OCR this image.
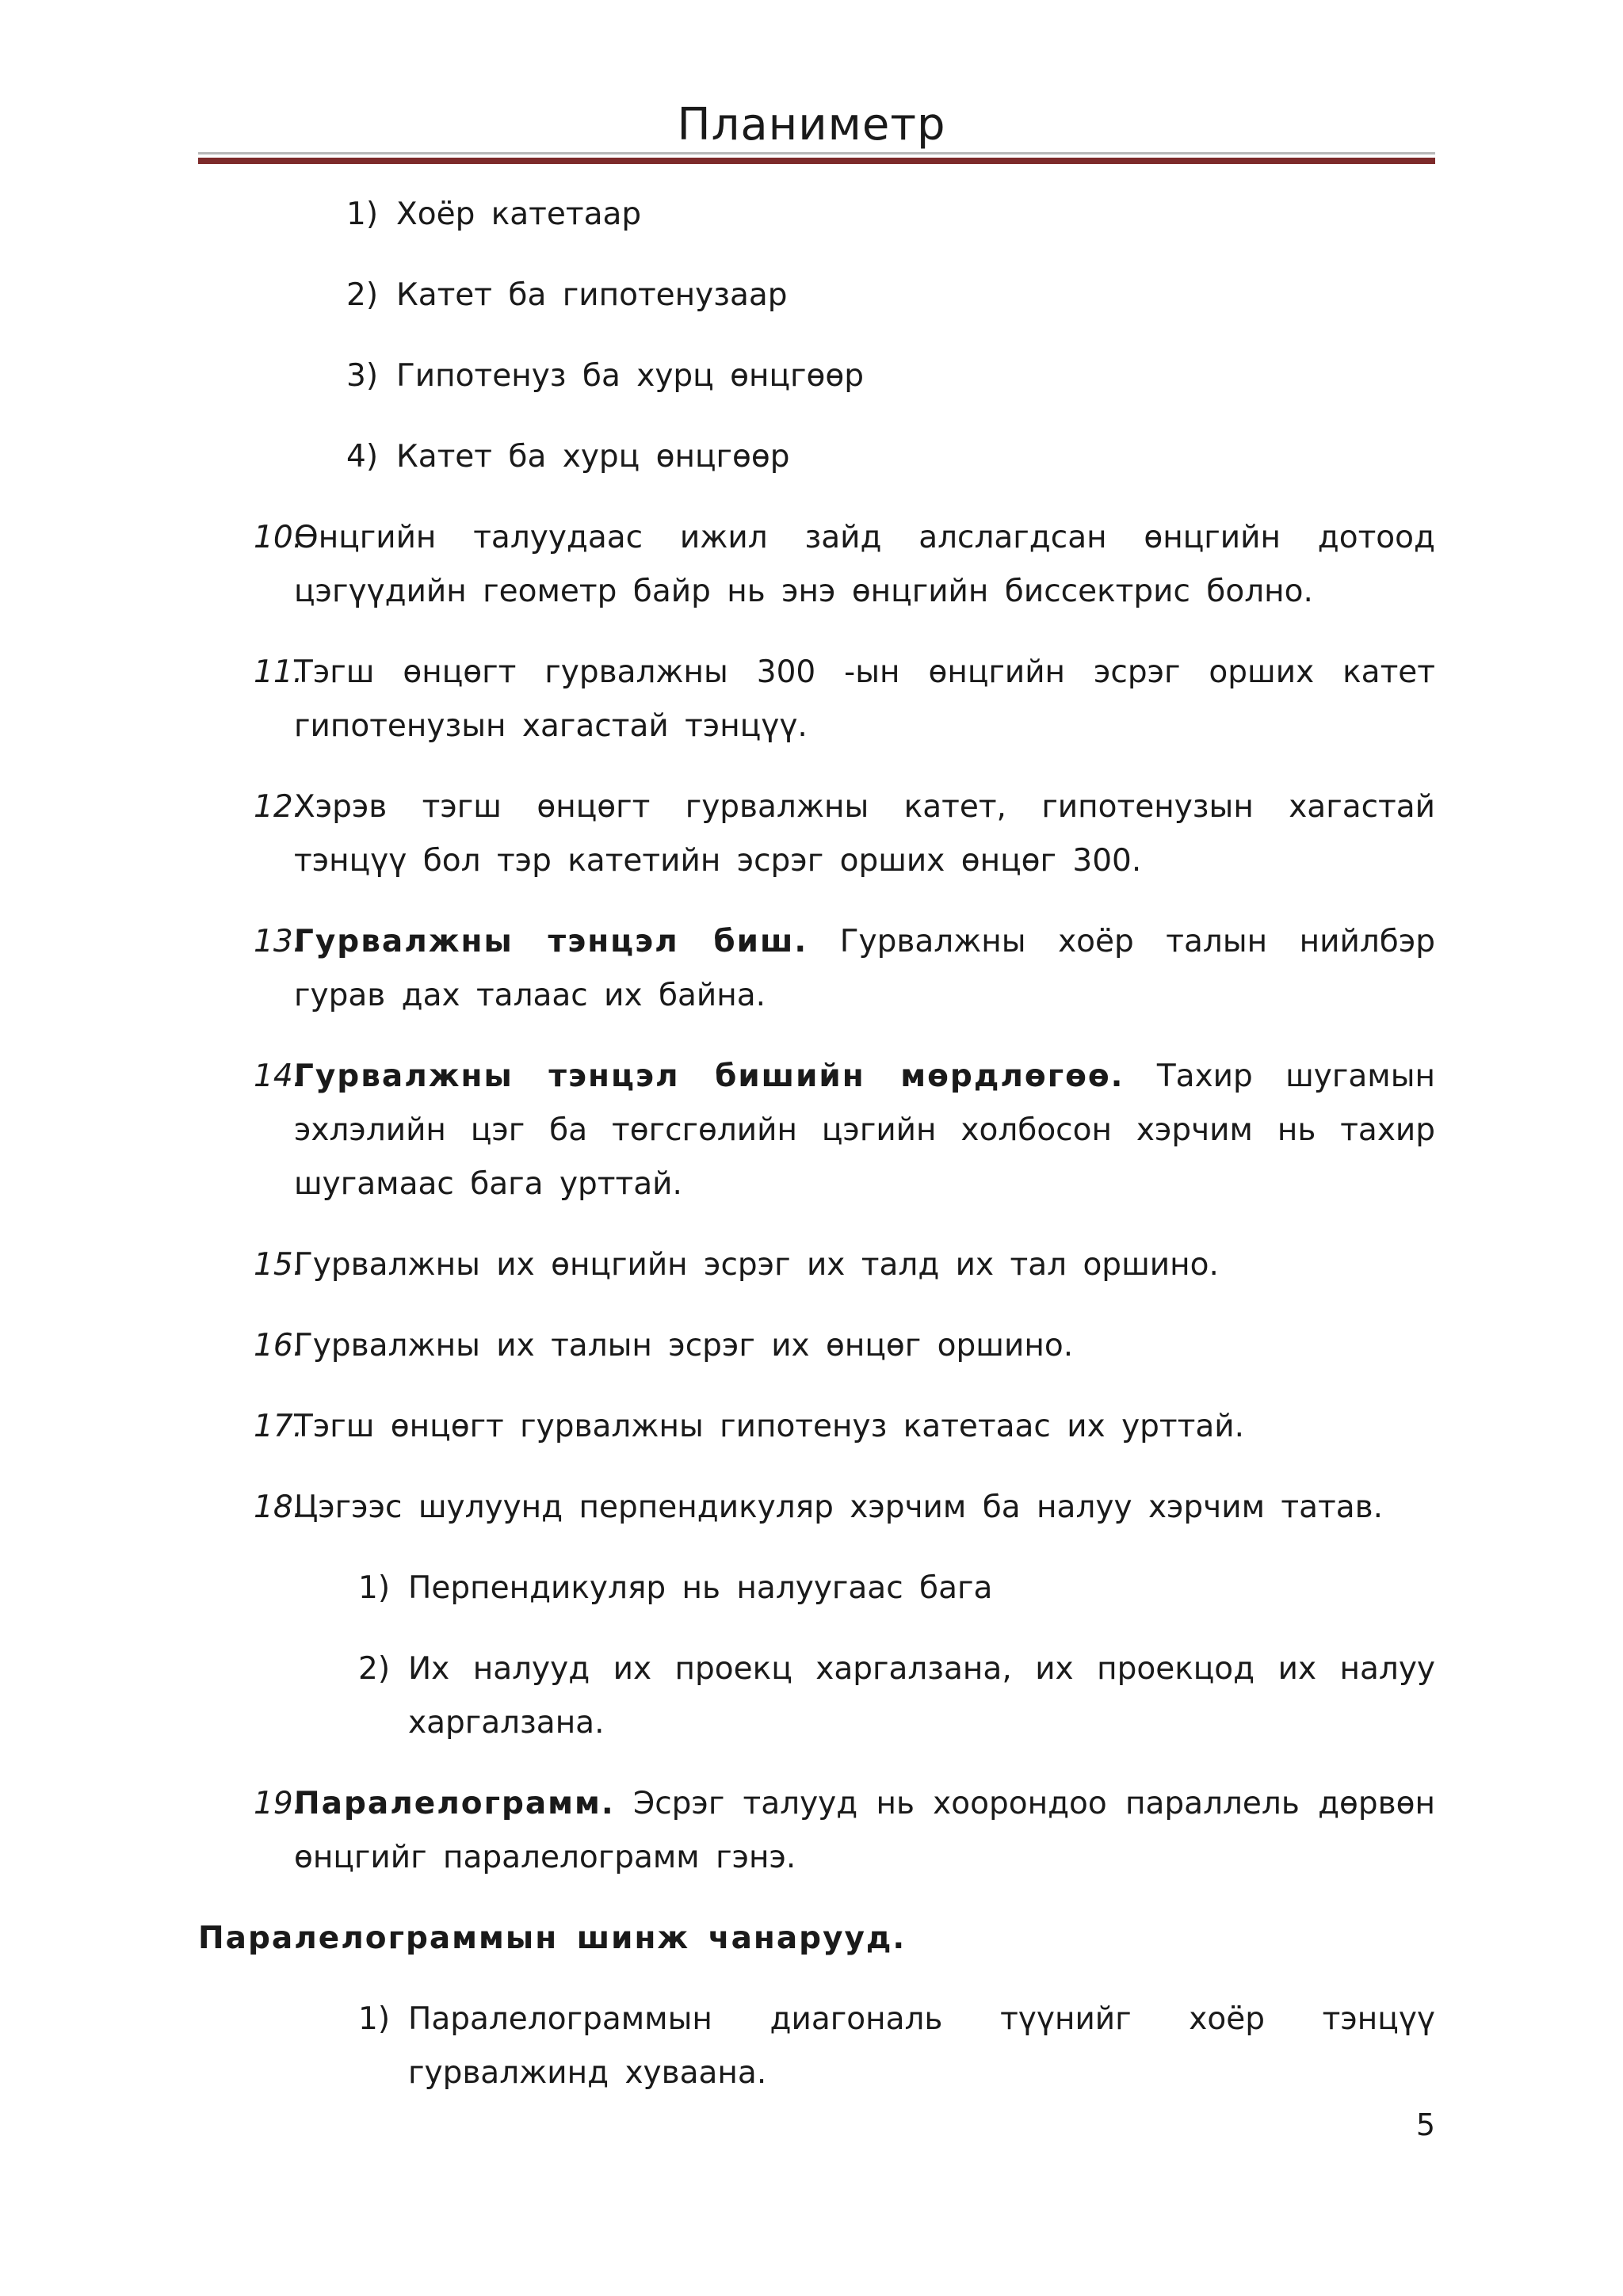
Планиметр
1) Хоёр катетаар
2) Катет ба гипотенузаар
3) Гипотенуз ба хурц өнцгөөр
4) Катет ба хурц өнцгөөр
10.
Өнцгийн талуудаас ижил зайд алслагдсан өнцгийн дотоод цэгүүдийн геометр байр нь энэ өнцгийн биссектрис болно.
11.
Тэгш өнцөгт гурвалжны 300 -ын өнцгийн эсрэг орших катет гипотенузын хагастай тэнцүү.
12.
Хэрэв тэгш өнцөгт гурвалжны катет, гипотенузын хагастай тэнцүү бол тэр катетийн эсрэг орших өнцөг 300.
13.
Гурвалжны тэнцэл биш. Гурвалжны хоёр талын нийлбэр гурав дах талаас их байна.
14.
Гурвалжны тэнцэл бишийн мөрдлөгөө. Тахир шугамын эхлэлийн цэг ба төгсгөлийн цэгийн холбосон хэрчим нь тахир шугамаас бага урттай.
15.
Гурвалжны их өнцгийн эсрэг их талд их тал оршино.
16.
Гурвалжны их талын эсрэг их өнцөг оршино.
17.
Тэгш өнцөгт гурвалжны гипотенуз катетаас их урттай.
18.
Цэгээс шулуунд перпендикуляр хэрчим ба налуу хэрчим татав.
1) Перпендикуляр нь налуугаас бага
2) Их налууд их проекц харгалзана, их проекцод их налуу харгалзана.
19.
Паралелограмм. Эсрэг талууд нь хоорондоо параллель дөрвөн өнцгийг паралелограмм гэнэ.
Паралелограммын шинж чанарууд.
1) Паралелограммын диагональ түүнийг хоёр тэнцүү гурвалжинд хуваана.
5
